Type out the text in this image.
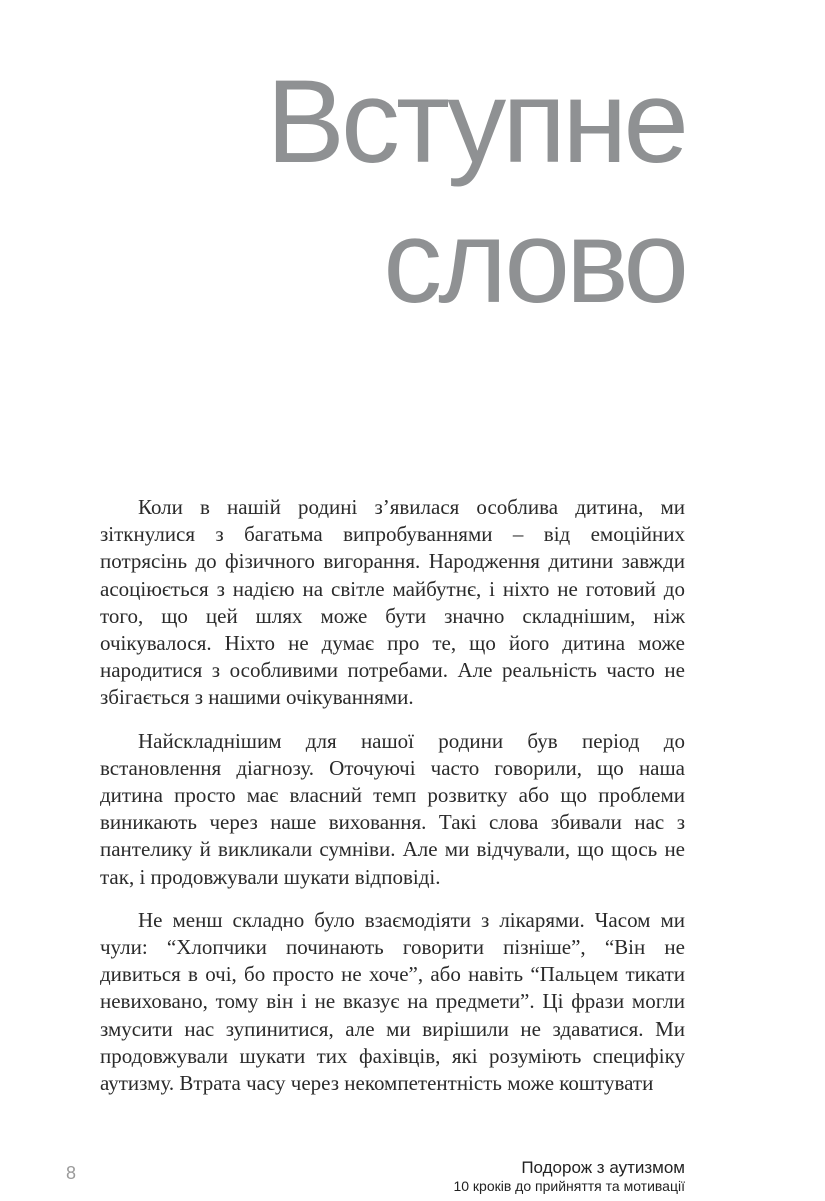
Вступне
слово

Коли в нашій родині з’явилася особлива дитина, ми зіткнулися з багатьма випробуваннями – від емоційних потрясінь до фізичного вигорання. Народження дитини завжди асоціюється з надією на світле майбутнє, і ніхто не готовий до того, що цей шлях може бути значно складнішим, ніж очікувалося. Ніхто не думає про те, що його дитина може народитися з особливими потребами. Але реальність часто не збігається з нашими очікуваннями.

Найскладнішим для нашої родини був період до встановлення діагнозу. Оточуючі часто говорили, що наша дитина просто має власний темп розвитку або що проблеми виникають через наше виховання. Такі слова збивали нас з пантелику й викликали сумніви. Але ми відчували, що щось не так, і продовжували шукати відповіді.

Не менш складно було взаємодіяти з лікарями. Часом ми чули: “Хлопчики починають говорити пізніше”, “Він не дивиться в очі, бо просто не хоче”, або навіть “Пальцем тикати невиховано, тому він і не вказує на предмети”. Ці фрази могли змусити нас зупинитися, але ми вирішили не здаватися. Ми продовжували шукати тих фахівців, які розуміють специфіку аутизму. Втрата часу через некомпетентність може коштувати

8	Подорож з аутизмом
10 кроків до прийняття та мотивації
